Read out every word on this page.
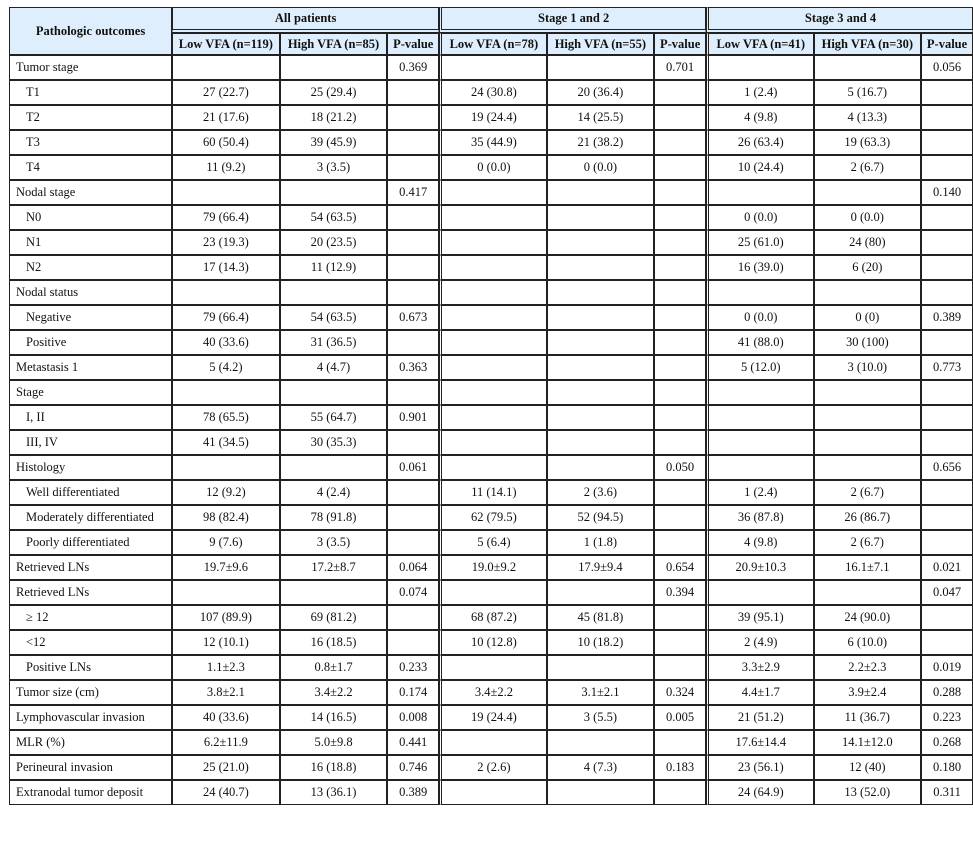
Pathologic outcomes	All patients			Stage 1 and 2			Stage 3 and 4		
	Low VFA (n=119)	High VFA (n=85)	P-value	Low VFA (n=78)	High VFA (n=55)	P-value	Low VFA (n=41)	High VFA (n=30)	P-value
Tumor stage			0.369			0.701			0.056
T1	27 (22.7)	25 (29.4)		24 (30.8)	20 (36.4)		1 (2.4)	5 (16.7)	
T2	21 (17.6)	18 (21.2)		19 (24.4)	14 (25.5)		4 (9.8)	4 (13.3)	
T3	60 (50.4)	39 (45.9)		35 (44.9)	21 (38.2)		26 (63.4)	19 (63.3)	
T4	11 (9.2)	3 (3.5)		0 (0.0)	0 (0.0)		10 (24.4)	2 (6.7)	
Nodal stage			0.417						0.140
N0	79 (66.4)	54 (63.5)					0 (0.0)	0 (0.0)	
N1	23 (19.3)	20 (23.5)					25 (61.0)	24 (80)	
N2	17 (14.3)	11 (12.9)					16 (39.0)	6 (20)	
Nodal status									
Negative	79 (66.4)	54 (63.5)	0.673				0 (0.0)	0 (0)	0.389
Positive	40 (33.6)	31 (36.5)					41 (88.0)	30 (100)	
Metastasis 1	5 (4.2)	4 (4.7)	0.363				5 (12.0)	3 (10.0)	0.773
Stage									
I, II	78 (65.5)	55 (64.7)	0.901						
III, IV	41 (34.5)	30 (35.3)							
Histology			0.061			0.050			0.656
Well differentiated	12 (9.2)	4 (2.4)		11 (14.1)	2 (3.6)		1 (2.4)	2 (6.7)	
Moderately differentiated	98 (82.4)	78 (91.8)		62 (79.5)	52 (94.5)		36 (87.8)	26 (86.7)	
Poorly differentiated	9 (7.6)	3 (3.5)		5 (6.4)	1 (1.8)		4 (9.8)	2 (6.7)	
Retrieved LNs	19.7±9.6	17.2±8.7	0.064	19.0±9.2	17.9±9.4	0.654	20.9±10.3	16.1±7.1	0.021
Retrieved LNs			0.074			0.394			0.047
≥ 12	107 (89.9)	69 (81.2)		68 (87.2)	45 (81.8)		39 (95.1)	24 (90.0)	
<12	12 (10.1)	16 (18.5)		10 (12.8)	10 (18.2)		2 (4.9)	6 (10.0)	
Positive LNs	1.1±2.3	0.8±1.7	0.233				3.3±2.9	2.2±2.3	0.019
Tumor size (cm)	3.8±2.1	3.4±2.2	0.174	3.4±2.2	3.1±2.1	0.324	4.4±1.7	3.9±2.4	0.288
Lymphovascular invasion	40 (33.6)	14 (16.5)	0.008	19 (24.4)	3 (5.5)	0.005	21 (51.2)	11 (36.7)	0.223
MLR (%)	6.2±11.9	5.0±9.8	0.441				17.6±14.4	14.1±12.0	0.268
Perineural invasion	25 (21.0)	16 (18.8)	0.746	2 (2.6)	4 (7.3)	0.183	23 (56.1)	12 (40)	0.180
Extranodal tumor deposit	24 (40.7)	13 (36.1)	0.389				24 (64.9)	13 (52.0)	0.311
